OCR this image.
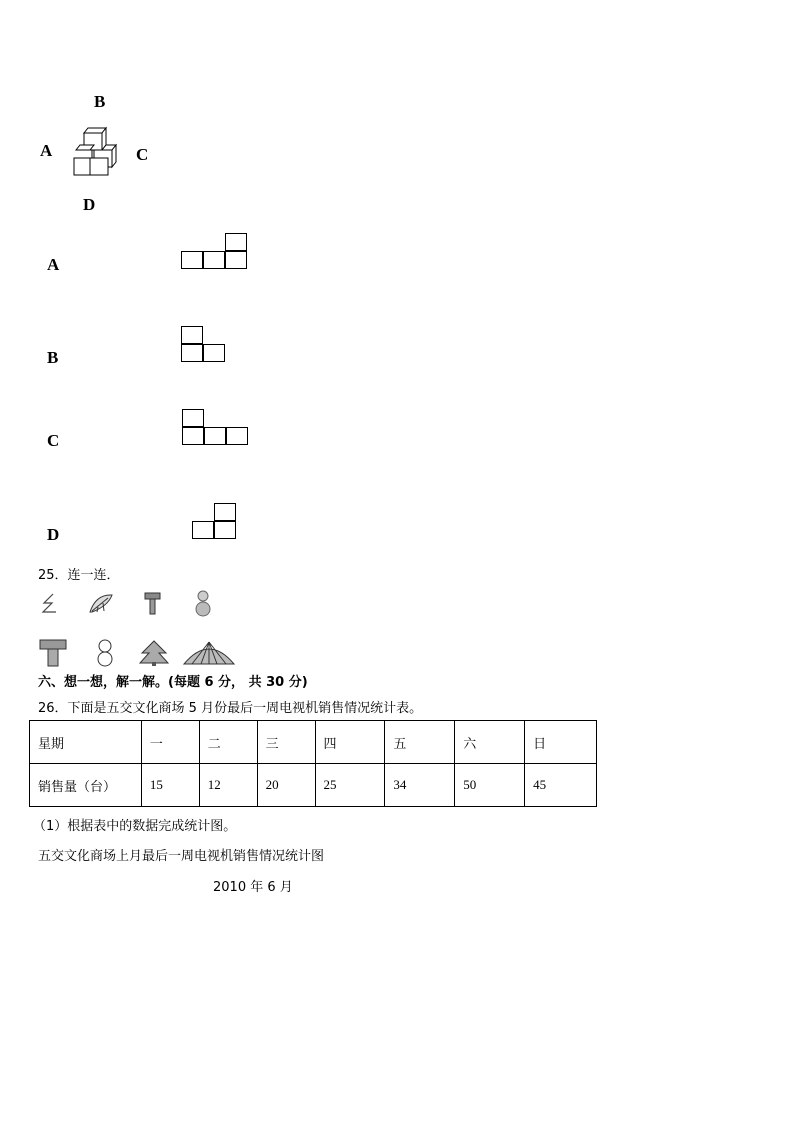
B
A	C
D
A
B
C
D
25．连一连．
六、想一想，解一解。(每题 6 分， 共 30 分)
26．下面是五交文化商场 5 月份最后一周电视机销售情况统计表。
星期	一	二	三	四	五	六	日
销售量（台）	15	12	20	25	34	50	45
（1）根据表中的数据完成统计图。
五交文化商场上月最后一周电视机销售情况统计图
2010 年 6 月
